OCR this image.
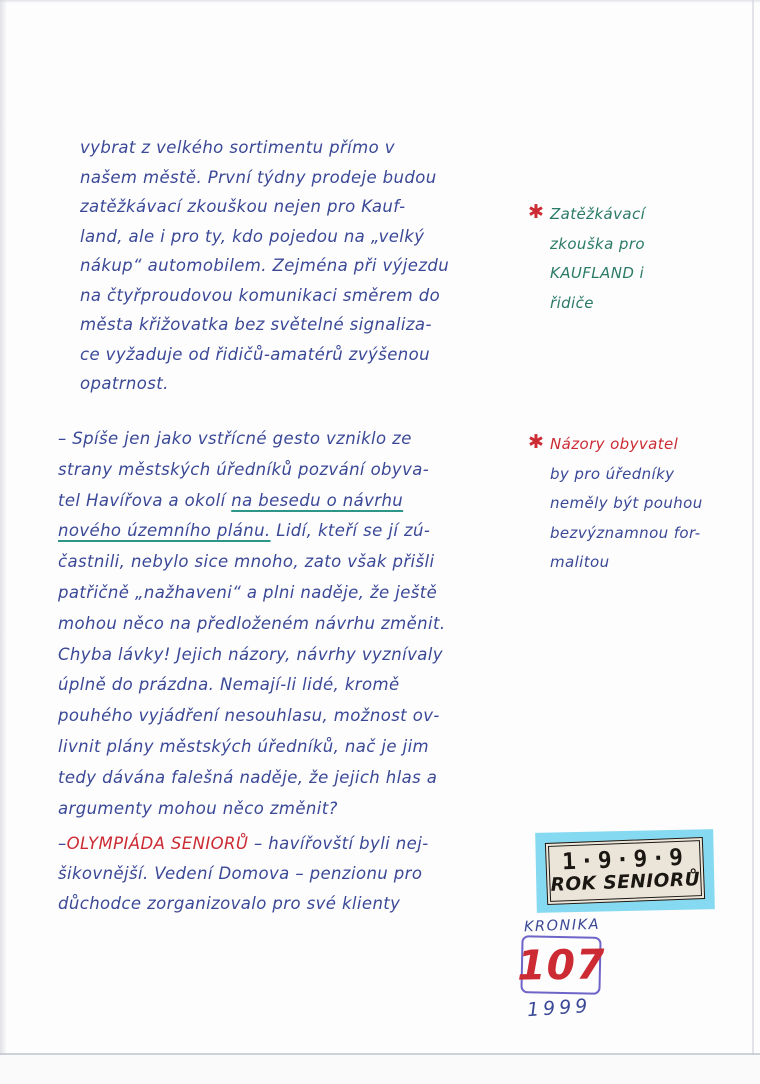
vybrat z velkého sortimentu přímo v
našem městě. První týdny prodeje budou
zatěžkávací zkouškou nejen pro Kauf-
land, ale i pro ty, kdo pojedou na „velký
nákup“ automobilem. Zejména při výjezdu
na čtyřproudovou komunikaci směrem do
města křižovatka bez světelné signaliza-
ce vyžaduje od řidičů-amatérů zvýšenou
opatrnost.
– Spíše jen jako vstřícné gesto vzniklo ze
strany městských úředníků pozvání obyva-
tel Havířova a okolí na besedu o návrhu
nového územního plánu. Lidí, kteří se jí zú-
častnili, nebylo sice mnoho, zato však přišli
patřičně „nažhaveni“ a plni naděje, že ještě
mohou něco na předloženém návrhu změnit.
Chyba lávky! Jejich názory, návrhy vyznívaly
úplně do prázdna. Nemají-li lidé, kromě
pouhého vyjádření nesouhlasu, možnost ov-
livnit plány městských úředníků, nač je jim
tedy dávána falešná naděje, že jejich hlas a
argumenty mohou něco změnit?
–OLYMPIÁDA SENIORŮ – havířovští byli nej-
šikovnější. Vedení Domova – penzionu pro
důchodce zorganizovalo pro své klienty
✱ Zatěžkávací
zkouška pro
KAUFLAND i
řidiče
✱ Názory obyvatel
by pro úředníky
neměly být pouhou
bezvýznamnou for-
malitou
1·9·9·9
ROK SENIORŮ
KRONIKA
107
1999
